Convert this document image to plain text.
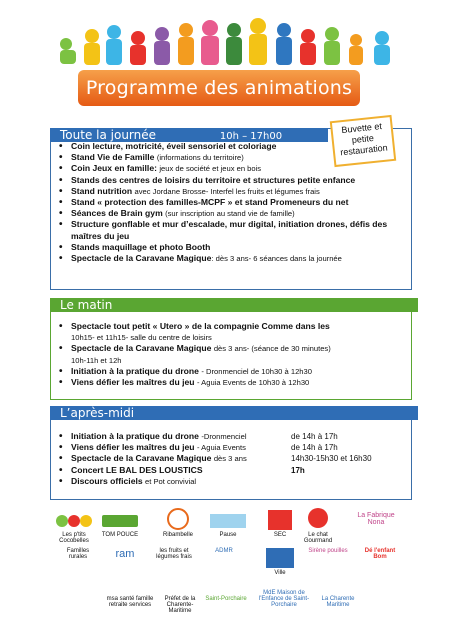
Programme des animations
Toute la journée	10h – 17h00
• Coin lecture, motricité, éveil sensoriel et coloriage
• Stand Vie de Famille (informations du territoire)
• Coin Jeux en famille: jeux de société et jeux en bois
• Stands des centres de loisirs du territoire et structures petite enfance
• Stand nutrition avec Jordane Brosse- Interfel les fruits et légumes frais
• Stand « protection des familles-MCPF » et stand Promeneurs du net
• Séances de Brain gym (sur inscription au stand vie de famille)
• Structure gonflable et mur d’escalade, mur digital, initiation drones, défis des maîtres du jeu
• Stands maquillage et photo Booth
• Spectacle de la Caravane Magique: dès 3 ans- 6 séances dans la journée
Buvette et petite restauration
Le matin
• Spectacle tout petit « Utero » de la compagnie Comme dans les
10h15- et 11h15- salle du centre de loisirs
• Spectacle de la Caravane Magique dès 3 ans- (séance de 30 minutes)
10h-11h et 12h
• Initiation à la pratique du drone - Dronmenciel de 10h30 à 12h30
• Viens défier les maîtres du jeu - Aguia Events de 10h30 à 12h30
L’après-midi
• Initiation à la pratique du drone -Dronmenciel	de 14h à 17h
• Viens défier les maîtres du jeu - Aguia Events	de 14h à 17h
• Spectacle de la Caravane Magique dès 3 ans	14h30-15h30 et 16h30
• Concert LE BAL DES LOUSTICS	17h
• Discours officiels et Pot convivial
Les p'tits Cocobelles
TOM POUCE	Ribambelle	Pause	SEC	Le chat Gourmand
La Fabrique Nona
Familles rurales	ram	les fruits et légumes frais
ADMR
Ville
Sirène pouilles	Dé l'enfant Bom
msa santé famille retraite services
Préfet de la Charente-Maritime
Saint-Porchaire
MdE Maison de l'Enfance de Saint-Porchaire
La Charente Maritime
